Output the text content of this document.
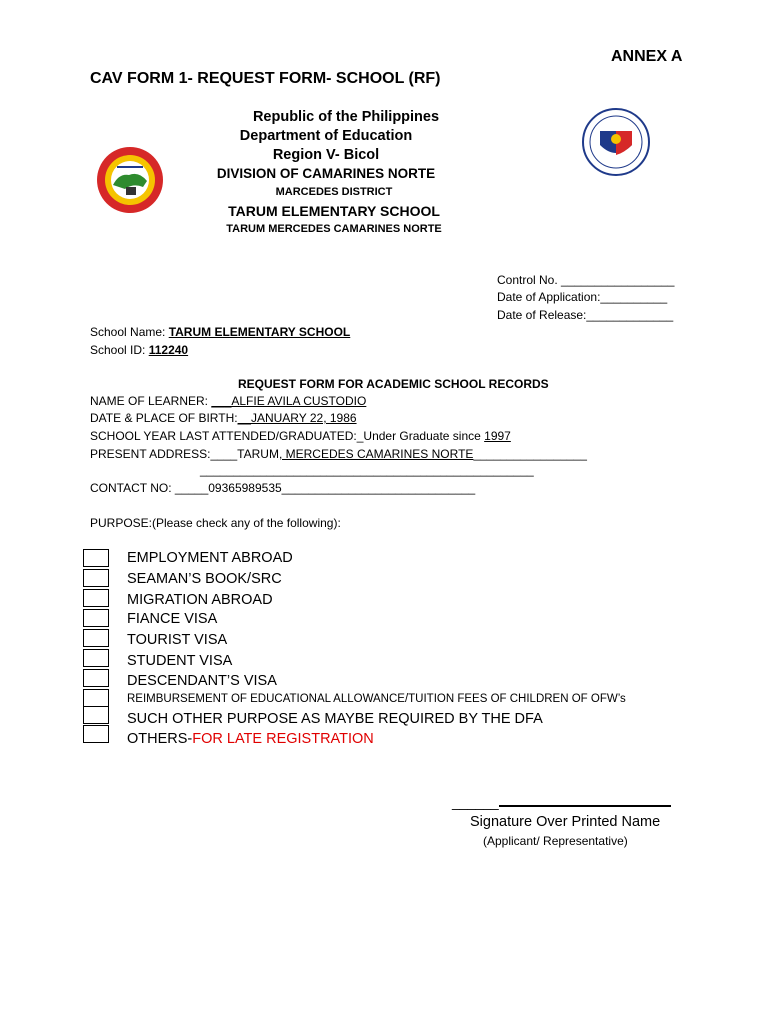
ANNEX A
CAV FORM 1- REQUEST FORM- SCHOOL (RF)
Republic of the Philippines
Department of Education
Region V- Bicol
DIVISION OF CAMARINES NORTE
MARCEDES DISTRICT
TARUM ELEMENTARY SCHOOL
TARUM MERCEDES CAMARINES NORTE
Control No. _________________
Date of Application:__________
Date of Release:_____________
School Name: TARUM ELEMENTARY SCHOOL
School ID: 112240
REQUEST FORM FOR ACADEMIC SCHOOL RECORDS
NAME OF LEARNER: ___ALFIE AVILA CUSTODIO
DATE & PLACE OF BIRTH:__JANUARY 22, 1986
SCHOOL YEAR LAST ATTENDED/GRADUATED:_Under Graduate since 1997
PRESENT ADDRESS:____TARUM, MERCEDES CAMARINES NORTE_________________
__________________________________________________
CONTACT NO: _____09365989535_____________________________
PURPOSE:(Please check any of the following):
EMPLOYMENT ABROAD
SEAMAN’S BOOK/SRC
MIGRATION ABROAD
FIANCE VISA
TOURIST VISA
STUDENT VISA
DESCENDANT’S VISA
REIMBURSEMENT OF EDUCATIONAL ALLOWANCE/TUITION FEES OF CHILDREN OF OFW’s
SUCH OTHER PURPOSE AS MAYBE REQUIRED BY THE DFA
OTHERS-FOR LATE REGISTRATION
______
Signature Over Printed Name
(Applicant/ Representative)
